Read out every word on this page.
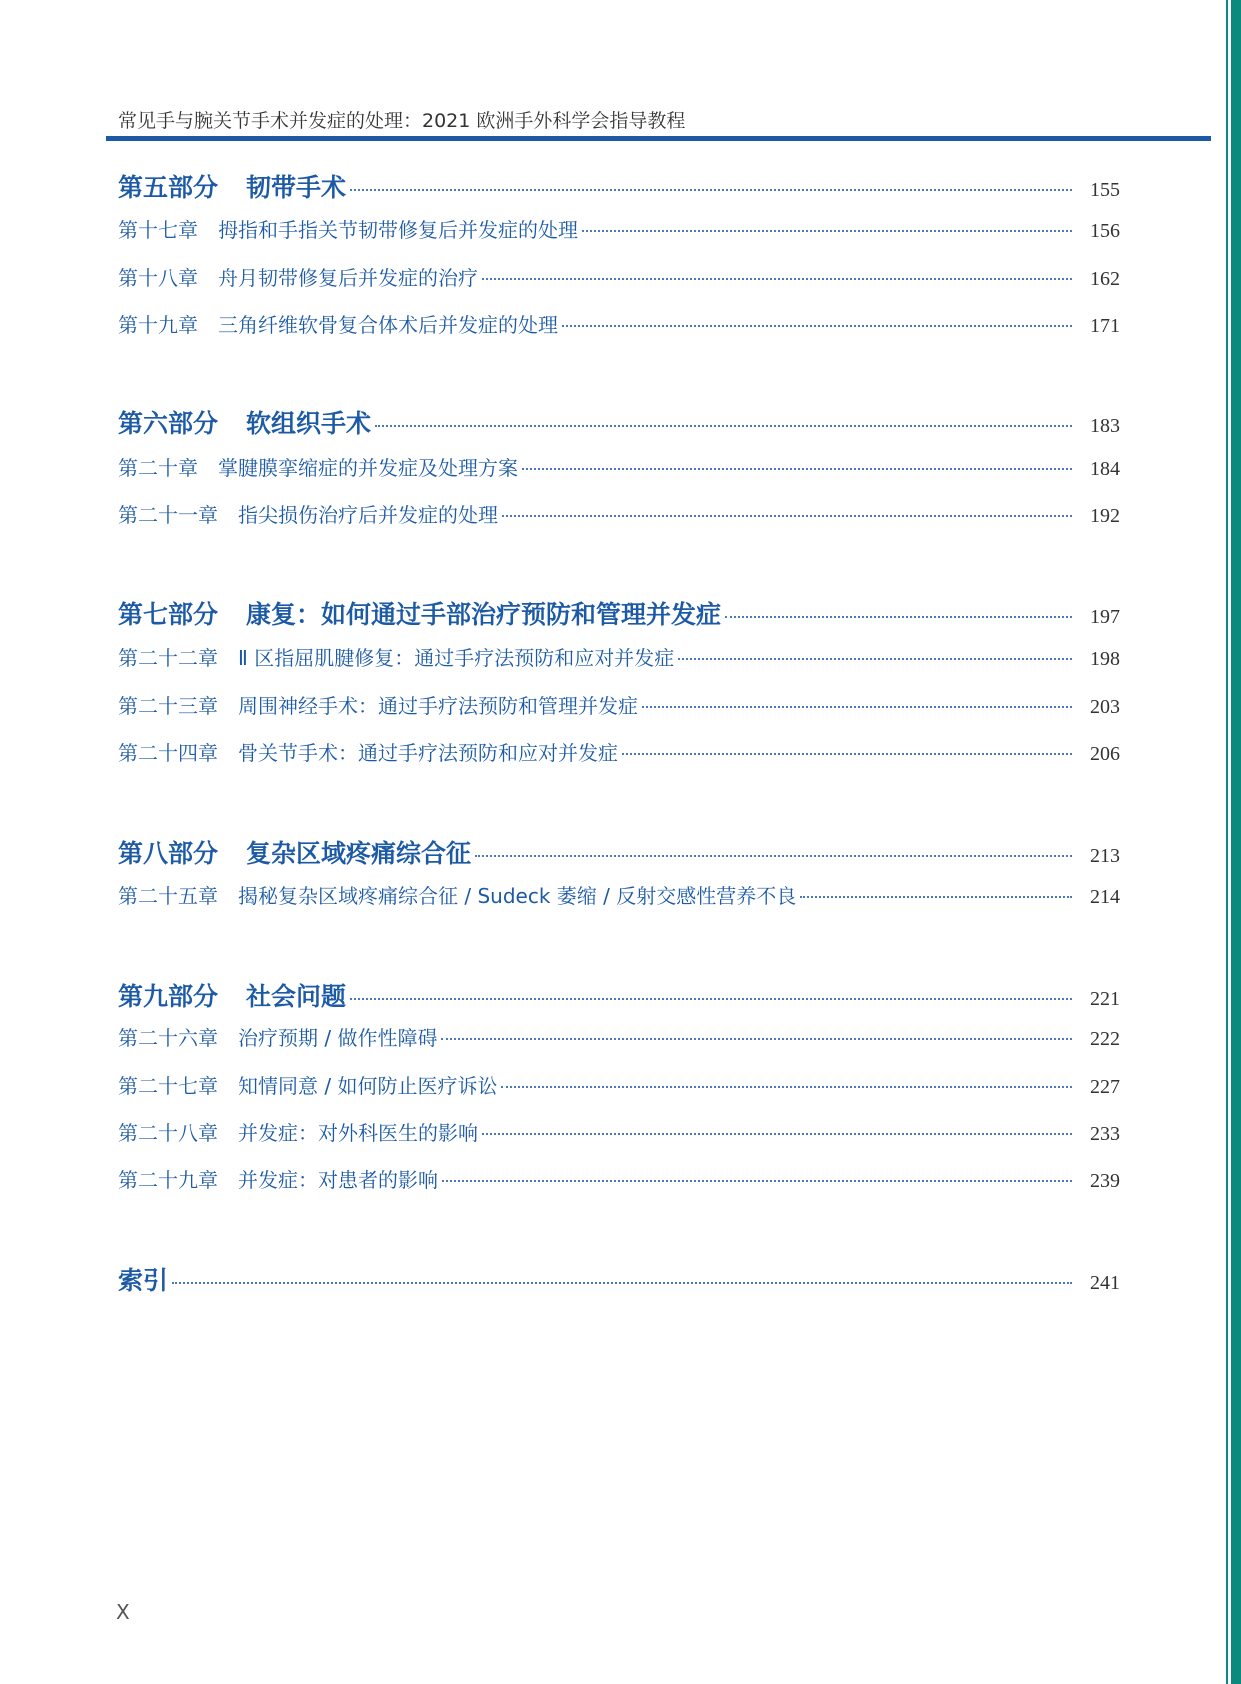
常见手与腕关节手术并发症的处理：2021 欧洲手外科学会指导教程
第五部分 韧带手术	155
第十七章 拇指和手指关节韧带修复后并发症的处理	156
第十八章 舟月韧带修复后并发症的治疗	162
第十九章 三角纤维软骨复合体术后并发症的处理	171
第六部分 软组织手术	183
第二十章 掌腱膜挛缩症的并发症及处理方案	184
第二十一章 指尖损伤治疗后并发症的处理	192
第七部分 康复：如何通过手部治疗预防和管理并发症	197
第二十二章 Ⅱ 区指屈肌腱修复：通过手疗法预防和应对并发症	198
第二十三章 周围神经手术：通过手疗法预防和管理并发症	203
第二十四章 骨关节手术：通过手疗法预防和应对并发症	206
第八部分 复杂区域疼痛综合征	213
第二十五章 揭秘复杂区域疼痛综合征 / Sudeck 萎缩 / 反射交感性营养不良	214
第九部分 社会问题	221
第二十六章 治疗预期 / 做作性障碍	222
第二十七章 知情同意 / 如何防止医疗诉讼	227
第二十八章 并发症：对外科医生的影响	233
第二十九章 并发症：对患者的影响	239
索引	241
X
